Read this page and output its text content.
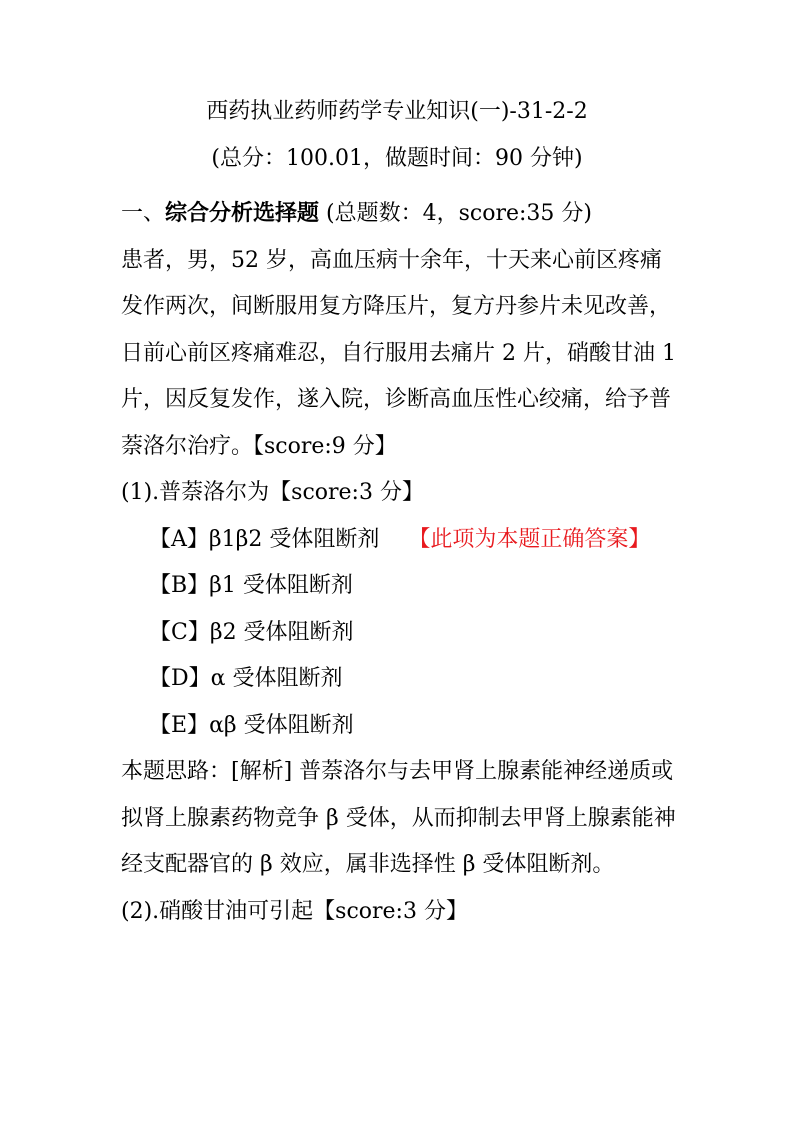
西药执业药师药学专业知识(一)-31-2-2
(总分：100.01，做题时间：90 分钟)

一、综合分析选择题 (总题数：4，score:35 分)

患者，男，52 岁，高血压病十余年，十天来心前区疼痛发作两次，间断服用复方降压片，复方丹参片未见改善，日前心前区疼痛难忍，自行服用去痛片 2 片，硝酸甘油 1 片，因反复发作，遂入院，诊断高血压性心绞痛，给予普萘洛尔治疗。【score:9 分】

(1).普萘洛尔为【score:3 分】

【A】β1β2 受体阻断剂　 【此项为本题正确答案】

【B】β1 受体阻断剂

【C】β2 受体阻断剂

【D】α 受体阻断剂

【E】αβ 受体阻断剂

本题思路：[解析] 普萘洛尔与去甲肾上腺素能神经递质或拟肾上腺素药物竞争 β 受体，从而抑制去甲肾上腺素能神经支配器官的 β 效应，属非选择性 β 受体阻断剂。

(2).硝酸甘油可引起【score:3 分】
